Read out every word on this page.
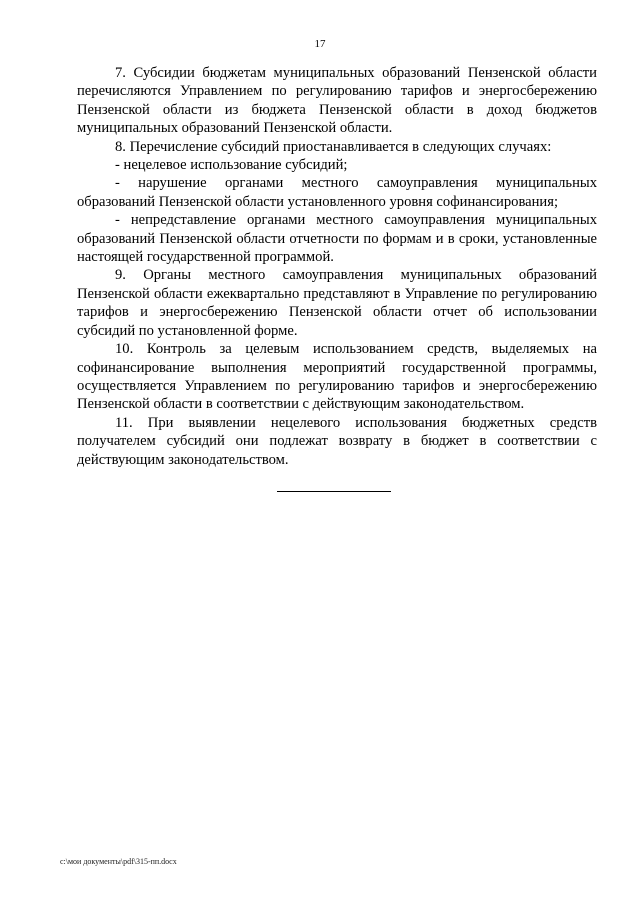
17

7. Субсидии бюджетам муниципальных образований Пензенской области перечисляются Управлением по регулированию тарифов и энергосбережению Пензенской области из бюджета Пензенской области в доход бюджетов муниципальных образований Пензенской области.

8. Перечисление субсидий приостанавливается в следующих случаях:

- нецелевое использование субсидий;

- нарушение органами местного самоуправления муниципальных образований Пензенской области установленного уровня софинансирования;

- непредставление органами местного самоуправления муниципальных образований Пензенской области отчетности по формам и в сроки, установленные настоящей государственной программой.

9. Органы местного самоуправления муниципальных образований Пензенской области ежеквартально представляют в Управление по регулированию тарифов и энергосбережению Пензенской области отчет об использовании субсидий по установленной форме.

10. Контроль за целевым использованием средств, выделяемых на софинансирование выполнения мероприятий государственной программы, осуществляется Управлением по регулированию тарифов и энергосбережению Пензенской области в соответствии с действующим законодательством.

11. При выявлении нецелевого использования бюджетных средств получателем субсидий они подлежат возврату в бюджет в соответствии с действующим законодательством.

c:\мои документы\pdf\315-пп.docx
